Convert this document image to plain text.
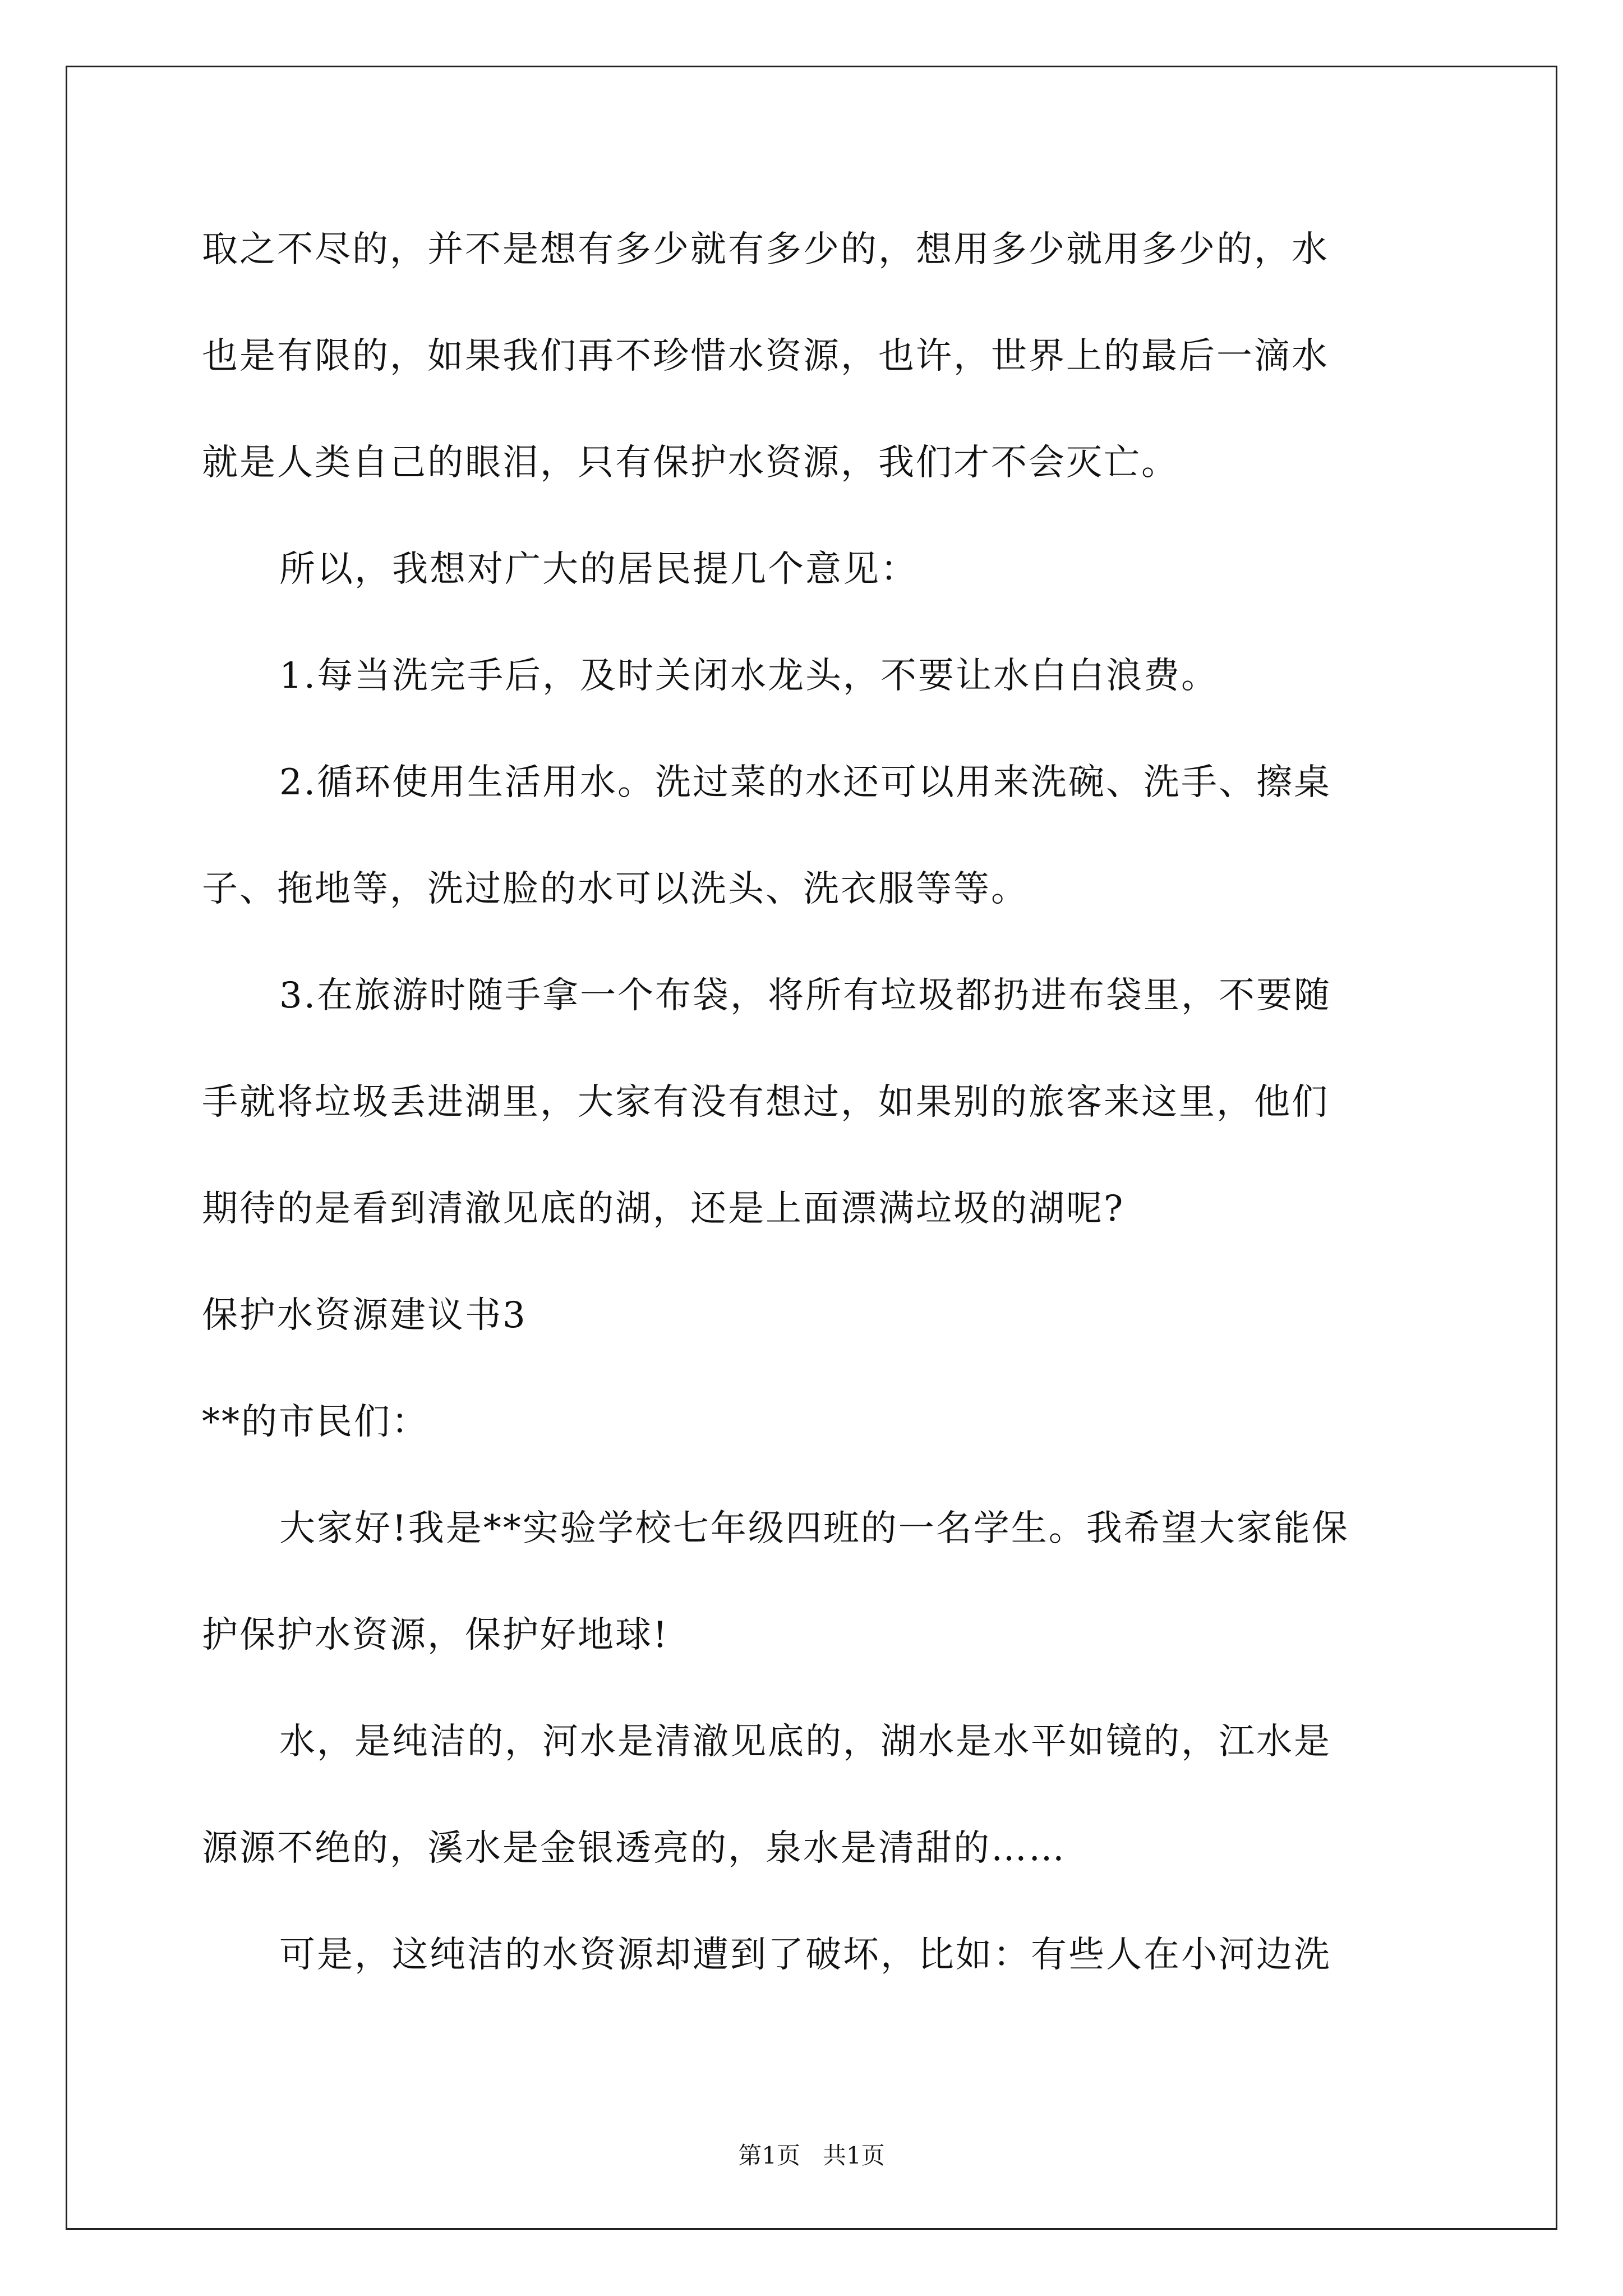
取之不尽的，并不是想有多少就有多少的，想用多少就用多少的，水
也是有限的，如果我们再不珍惜水资源，也许，世界上的最后一滴水
就是人类自己的眼泪，只有保护水资源，我们才不会灭亡。
所以，我想对广大的居民提几个意见：
1.每当洗完手后，及时关闭水龙头，不要让水白白浪费。
2.循环使用生活用水。洗过菜的水还可以用来洗碗、洗手、擦桌
子、拖地等，洗过脸的水可以洗头、洗衣服等等。
3.在旅游时随手拿一个布袋，将所有垃圾都扔进布袋里，不要随
手就将垃圾丢进湖里，大家有没有想过，如果别的旅客来这里，他们
期待的是看到清澈见底的湖，还是上面漂满垃圾的湖呢?
保护水资源建议书3
**的市民们：
大家好!我是**实验学校七年级四班的一名学生。我希望大家能保
护保护水资源，保护好地球!
水，是纯洁的，河水是清澈见底的，湖水是水平如镜的，江水是
源源不绝的，溪水是金银透亮的，泉水是清甜的……
可是，这纯洁的水资源却遭到了破坏，比如：有些人在小河边洗
第1页   共1页
